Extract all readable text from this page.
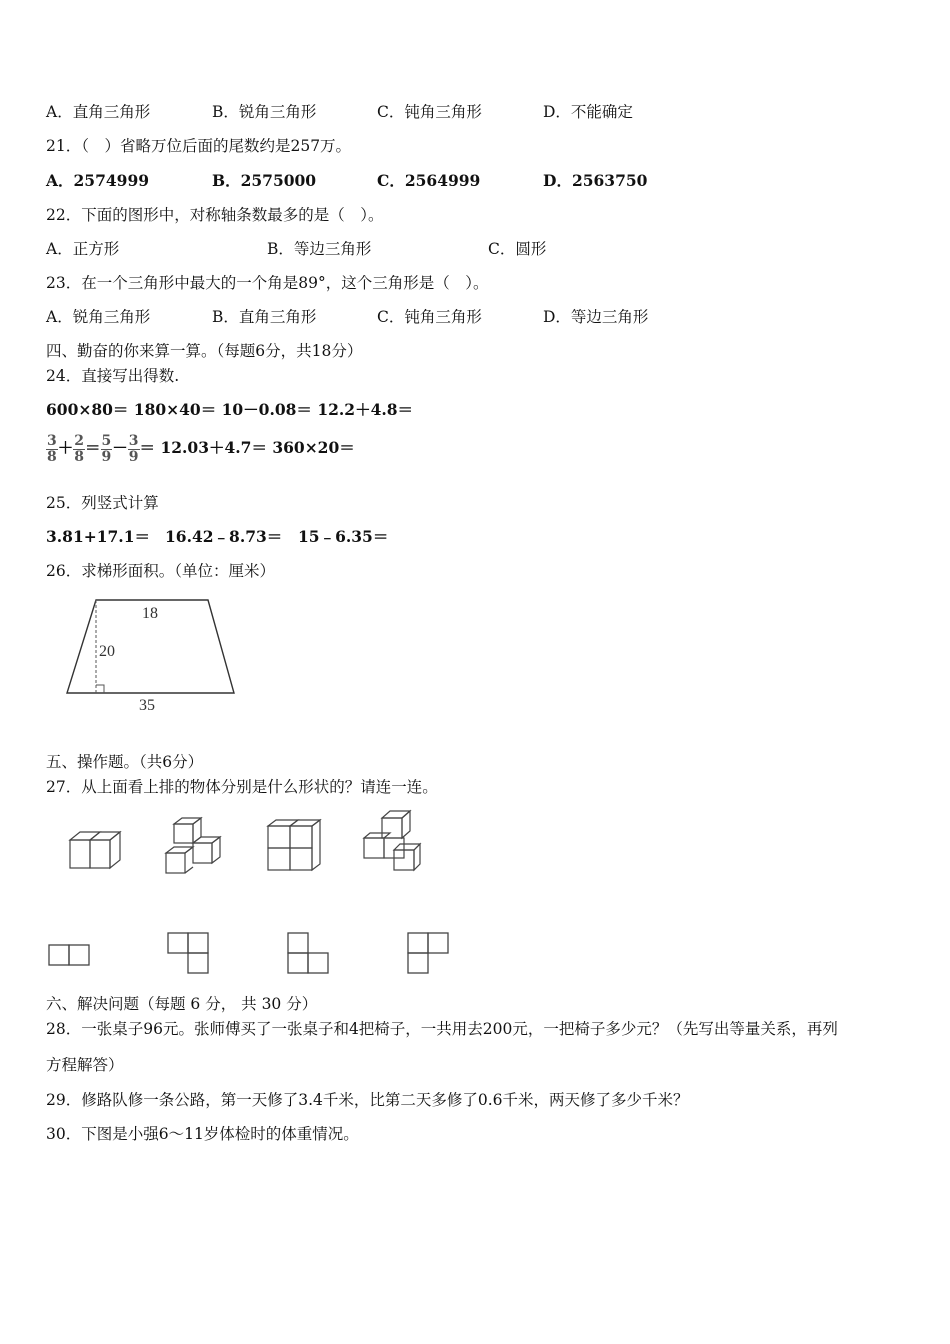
A．直角三角形	B．锐角三角形	C．钝角三角形	D．不能确定
21．（　）省略万位后面的尾数约是257万。
A．2574999	B．2575000	C．2564999	D．2563750
22．下面的图形中，对称轴条数最多的是（　）。
A．正方形	B．等边三角形	C．圆形
23．在一个三角形中最大的一个角是89°，这个三角形是（　）。
A．锐角三角形	B．直角三角形	C．钝角三角形	D．等边三角形
四、勤奋的你来算一算。（每题6分，共18分）
24．直接写出得数.
600×80＝ 180×40＝ 10－0.08＝ 12.2＋4.8＝
$\frac{3}{8} + \frac{2}{8} = \frac{5}{9} - \frac{3}{9} = 12.03+4.7= 360\times 20=$
25．列竖式计算
3.81+17.1＝ 16.42﹣8.73＝ 15﹣6.35＝
26．求梯形面积。（单位：厘米）
18
20
35
五、操作题。（共6分）
27．从上面看上排的物体分别是什么形状的？请连一连。
六、解决问题（每题 6 分， 共 30 分）
28．一张桌子96元。张师傅买了一张桌子和4把椅子，一共用去200元，一把椅子多少元？（先写出等量关系，再列
方程解答）
29．修路队修一条公路，第一天修了3.4千米，比第二天多修了0.6千米，两天修了多少千米？
30．下图是小强6～11岁体检时的体重情况。
